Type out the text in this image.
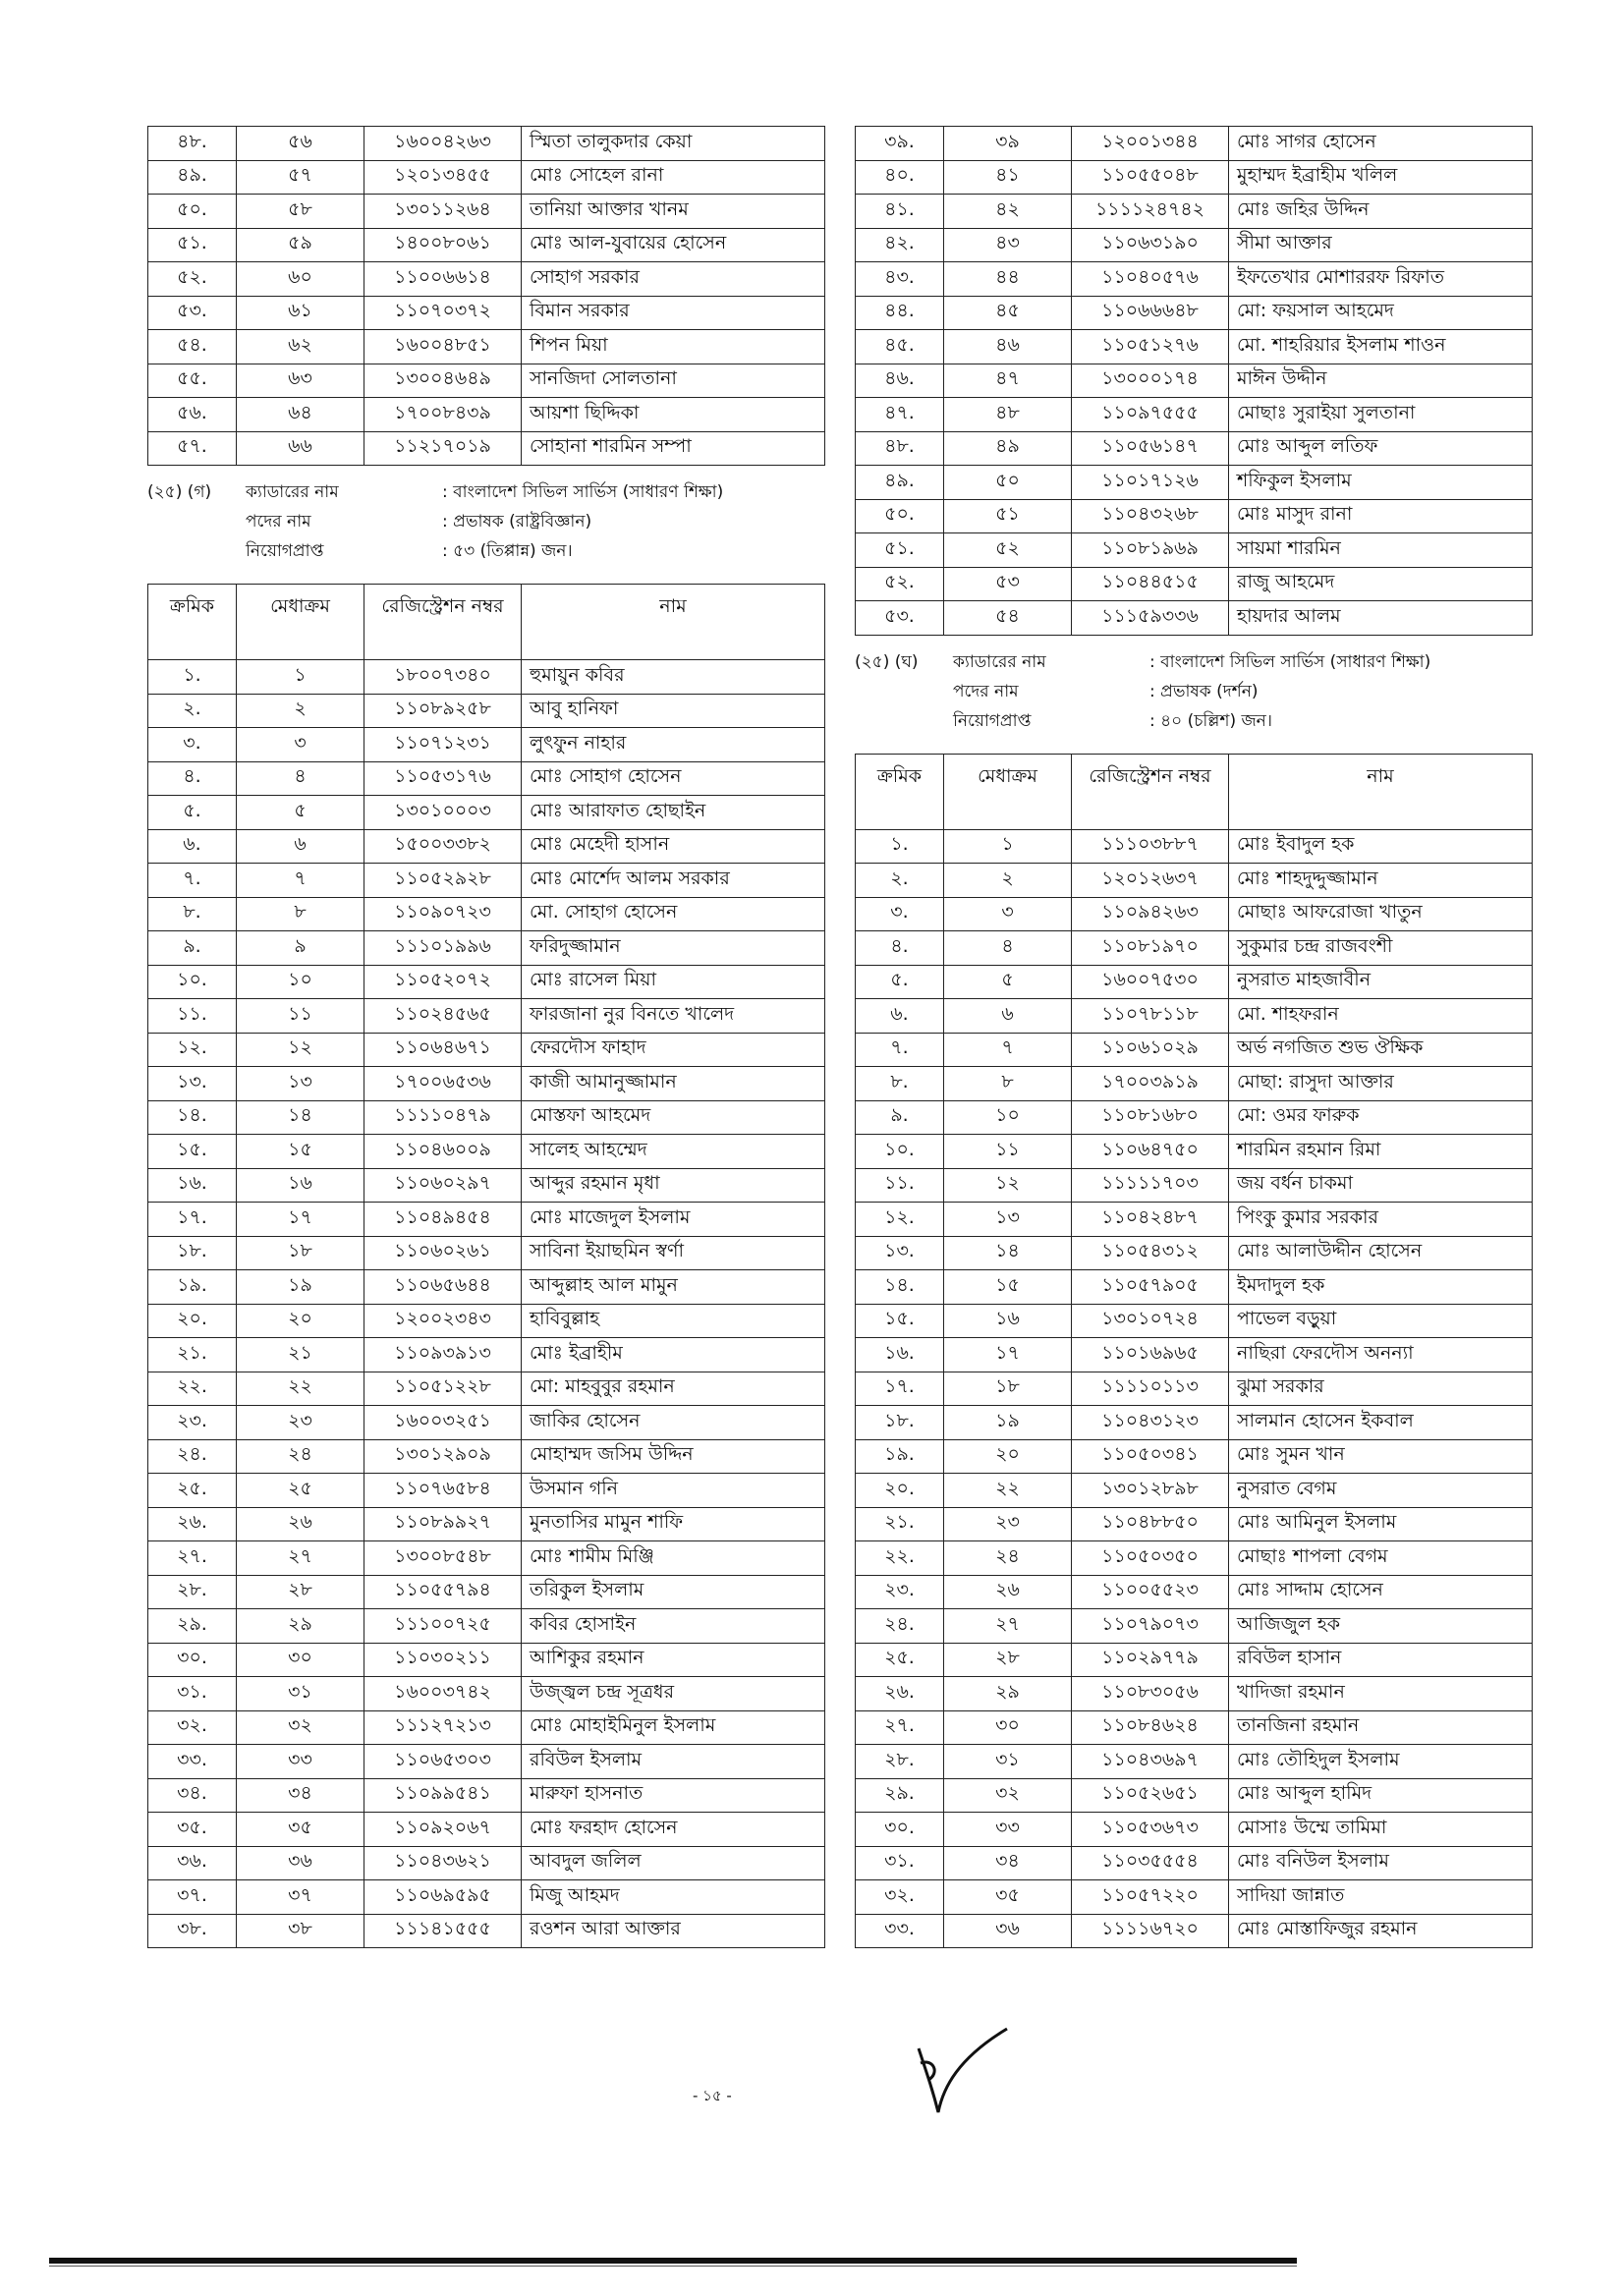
৪৮.	৫৬	১৬০০৪২৬৩	স্মিতা তালুকদার কেয়া
৪৯.	৫৭	১২০১৩৪৫৫	মোঃ সোহেল রানা
৫০.	৫৮	১৩০১১২৬৪	তানিয়া আক্তার খানম
৫১.	৫৯	১৪০০৮০৬১	মোঃ আল-যুবায়ের হোসেন
৫২.	৬০	১১০০৬৬১৪	সোহাগ সরকার
৫৩.	৬১	১১০৭০৩৭২	বিমান সরকার
৫৪.	৬২	১৬০০৪৮৫১	শিপন মিয়া
৫৫.	৬৩	১৩০০৪৬৪৯	সানজিদা সোলতানা
৫৬.	৬৪	১৭০০৮৪৩৯	আয়শা ছিদ্দিকা
৫৭.	৬৬	১১২১৭০১৯	সোহানা শারমিন সম্পা
(২৫) (গ) ক্যাডারের নাম	: বাংলাদেশ সিভিল সার্ভিস (সাধারণ শিক্ষা)
পদের নাম	: প্রভাষক (রাষ্ট্রবিজ্ঞান)
নিয়োগপ্রাপ্ত	: ৫৩ (তিপ্পান্ন) জন।
ক্রমিক	মেধাক্রম	রেজিস্ট্রেশন নম্বর	নাম
১.	১	১৮০০৭৩৪০	হুমায়ুন কবির
২.	২	১১০৮৯২৫৮	আবু হানিফা
৩.	৩	১১০৭১২৩১	লুৎফুন নাহার
৪.	৪	১১০৫৩১৭৬	মোঃ সোহাগ হোসেন
৫.	৫	১৩০১০০০৩	মোঃ আরাফাত হোছাইন
৬.	৬	১৫০০৩৩৮২	মোঃ মেহেদী হাসান
৭.	৭	১১০৫২৯২৮	মোঃ মোর্শেদ আলম সরকার
৮.	৮	১১০৯০৭২৩	মো. সোহাগ হোসেন
৯.	৯	১১১০১৯৯৬	ফরিদুজ্জামান
১০.	১০	১১০৫২০৭২	মোঃ রাসেল মিয়া
১১.	১১	১১০২৪৫৬৫	ফারজানা নুর বিনতে খালেদ
১২.	১২	১১০৬৪৬৭১	ফেরদৌস ফাহাদ
১৩.	১৩	১৭০০৬৫৩৬	কাজী আমানুজ্জামান
১৪.	১৪	১১১১০৪৭৯	মোস্তফা আহমেদ
১৫.	১৫	১১০৪৬০০৯	সালেহ আহম্মেদ
১৬.	১৬	১১০৬০২৯৭	আব্দুর রহমান মৃধা
১৭.	১৭	১১০৪৯৪৫৪	মোঃ মাজেদুল ইসলাম
১৮.	১৮	১১০৬০২৬১	সাবিনা ইয়াছমিন স্বর্ণা
১৯.	১৯	১১০৬৫৬৪৪	আব্দুল্লাহ আল মামুন
২০.	২০	১২০০২৩৪৩	হাবিবুল্লাহ
২১.	২১	১১০৯৩৯১৩	মোঃ ইব্রাহীম
২২.	২২	১১০৫১২২৮	মো: মাহবুবুর রহমান
২৩.	২৩	১৬০০৩২৫১	জাকির হোসেন
২৪.	২৪	১৩০১২৯০৯	মোহাম্মদ জসিম উদ্দিন
২৫.	২৫	১১০৭৬৫৮৪	উসমান গনি
২৬.	২৬	১১০৮৯৯২৭	মুনতাসির মামুন শাফি
২৭.	২৭	১৩০০৮৫৪৮	মোঃ শামীম মিঞ্জি
২৮.	২৮	১১০৫৫৭৯৪	তরিকুল ইসলাম
২৯.	২৯	১১১০০৭২৫	কবির হোসাইন
৩০.	৩০	১১০৩০২১১	আশিকুর রহমান
৩১.	৩১	১৬০০৩৭৪২	উজ্জ্বল চন্দ্র সূত্রধর
৩২.	৩২	১১১২৭২১৩	মোঃ মোহাইমিনুল ইসলাম
৩৩.	৩৩	১১০৬৫৩০৩	রবিউল ইসলাম
৩৪.	৩৪	১১০৯৯৫৪১	মারুফা হাসনাত
৩৫.	৩৫	১১০৯২০৬৭	মোঃ ফরহাদ হোসেন
৩৬.	৩৬	১১০৪৩৬২১	আবদুল জলিল
৩৭.	৩৭	১১০৬৯৫৯৫	মিজু আহমদ
৩৮.	৩৮	১১১৪১৫৫৫	রওশন আরা আক্তার
৩৯.	৩৯	১২০০১৩৪৪	মোঃ সাগর হোসেন
৪০.	৪১	১১০৫৫০৪৮	মুহাম্মদ ইব্রাহীম খলিল
৪১.	৪২	১১১১২৪৭৪২	মোঃ জহির উদ্দিন
৪২.	৪৩	১১০৬৩১৯০	সীমা আক্তার
৪৩.	৪৪	১১০৪০৫৭৬	ইফতেখার মোশাররফ রিফাত
৪৪.	৪৫	১১০৬৬৬৪৮	মো: ফয়সাল আহমেদ
৪৫.	৪৬	১১০৫১২৭৬	মো. শাহরিয়ার ইসলাম শাওন
৪৬.	৪৭	১৩০০০১৭৪	মাঈন উদ্দীন
৪৭.	৪৮	১১০৯৭৫৫৫	মোছাঃ সুরাইয়া সুলতানা
৪৮.	৪৯	১১০৫৬১৪৭	মোঃ আব্দুল লতিফ
৪৯.	৫০	১১০১৭১২৬	শফিকুল ইসলাম
৫০.	৫১	১১০৪৩২৬৮	মোঃ মাসুদ রানা
৫১.	৫২	১১০৮১৯৬৯	সায়মা শারমিন
৫২.	৫৩	১১০৪৪৫১৫	রাজু আহমেদ
৫৩.	৫৪	১১১৫৯৩৩৬	হায়দার আলম
(২৫) (ঘ) ক্যাডারের নাম	: বাংলাদেশ সিভিল সার্ভিস (সাধারণ শিক্ষা)
পদের নাম	: প্রভাষক (দর্শন)
নিয়োগপ্রাপ্ত	: ৪০ (চল্লিশ) জন।
ক্রমিক	মেধাক্রম	রেজিস্ট্রেশন নম্বর	নাম
১.	১	১১১০৩৮৮৭	মোঃ ইবাদুল হক
২.	২	১২০১২৬৩৭	মোঃ শাহদুদ্দুজ্জামান
৩.	৩	১১০৯৪২৬৩	মোছাঃ আফরোজা খাতুন
৪.	৪	১১০৮১৯৭০	সুকুমার চন্দ্র রাজবংশী
৫.	৫	১৬০০৭৫৩০	নুসরাত মাহজাবীন
৬.	৬	১১০৭৮১১৮	মো. শাহফরান
৭.	৭	১১০৬১০২৯	অর্ভ নগজিত শুভ ঔক্ষিক
৮.	৮	১৭০০৩৯১৯	মোছা: রাসুদা আক্তার
৯.	১০	১১০৮১৬৮০	মো: ওমর ফারুক
১০.	১১	১১০৬৪৭৫০	শারমিন রহমান রিমা
১১.	১২	১১১১১৭০৩	জয় বর্ধন চাকমা
১২.	১৩	১১০৪২৪৮৭	পিংকু কুমার সরকার
১৩.	১৪	১১০৫৪৩১২	মোঃ আলাউদ্দীন হোসেন
১৪.	১৫	১১০৫৭৯০৫	ইমদাদুল হক
১৫.	১৬	১৩০১০৭২৪	পাভেল বড়ুয়া
১৬.	১৭	১১০১৬৯৬৫	নাছিরা ফেরদৌস অনন্যা
১৭.	১৮	১১১১০১১৩	ঝুমা সরকার
১৮.	১৯	১১০৪৩১২৩	সালমান হোসেন ইকবাল
১৯.	২০	১১০৫০৩৪১	মোঃ সুমন খান
২০.	২২	১৩০১২৮৯৮	নুসরাত বেগম
২১.	২৩	১১০৪৮৮৫০	মোঃ আমিনুল ইসলাম
২২.	২৪	১১০৫০৩৫০	মোছাঃ শাপলা বেগম
২৩.	২৬	১১০০৫৫২৩	মোঃ সাদ্দাম হোসেন
২৪.	২৭	১১০৭৯০৭৩	আজিজুল হক
২৫.	২৮	১১০২৯৭৭৯	রবিউল হাসান
২৬.	২৯	১১০৮৩০৫৬	খাদিজা রহমান
২৭.	৩০	১১০৮৪৬২৪	তানজিনা রহমান
২৮.	৩১	১১০৪৩৬৯৭	মোঃ তৌহিদুল ইসলাম
২৯.	৩২	১১০৫২৬৫১	মোঃ আব্দুল হামিদ
৩০.	৩৩	১১০৫৩৬৭৩	মোসাঃ উম্মে তামিমা
৩১.	৩৪	১১০৩৫৫৫৪	মোঃ বনিউল ইসলাম
৩২.	৩৫	১১০৫৭২২০	সাদিয়া জান্নাত
৩৩.	৩৬	১১১১৬৭২০	মোঃ মোস্তাফিজুর রহমান
- ১৫ -
